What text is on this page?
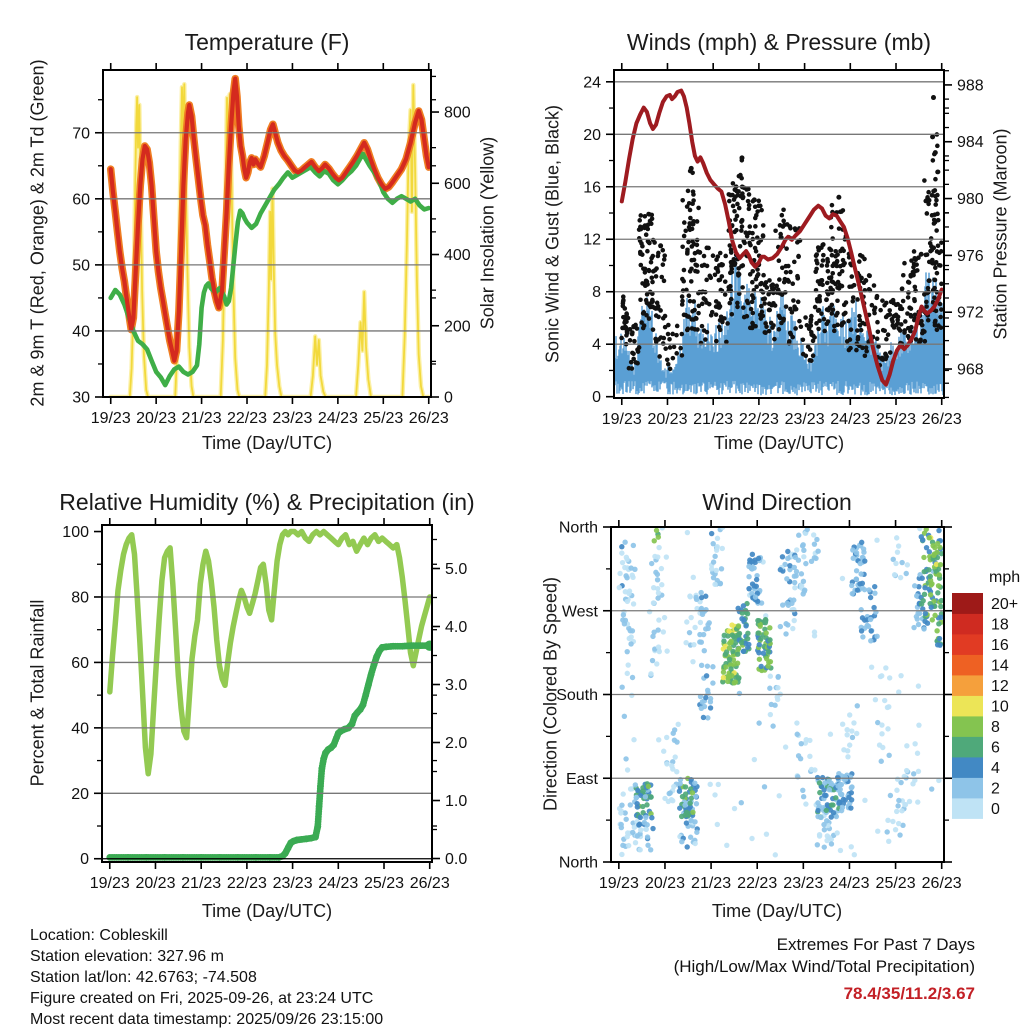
19/23 20/23 21/23 22/23 23/23 24/23 25/23 26/23
30
40
50
60
70
0
200
400
600
800
19/23 20/23 21/23 22/23 23/23 24/23 25/23 26/23
0
4
8
12
16
20
24
968
972
976
980
984
988
19/23 20/23 21/23 22/23 23/23 24/23 25/23 26/23
0
20
40
60
80
100
0.0
1.0
2.0
3.0
4.0
5.0
19/23 20/23 21/23 22/23 23/23 24/23 25/23 26/23
North
East
South
West
North
0
2
4
6
8
10
12
14
16
18
20+
Temperature (F)	Winds (mph) & Pressure (mb)
Relative Humidity (%) & Precipitation (in)	Wind Direction
2m & 9m T (Red, Orange) & 2m Td (Green)	Solar Insolation (Yellow)	Sonic Wind & Gust (Blue, Black)	Station Pressure (Maroon)
Percent & Total Rainfall	Direction (Colored By Speed)
Time (Day/UTC)	Time (Day/UTC)
Time (Day/UTC)	Time (Day/UTC)
mph
Location: Cobleskill
Station elevation: 327.96 m
Station lat/lon: 42.6763; -74.508
Figure created on Fri, 2025-09-26, at 23:24 UTC
Most recent data timestamp: 2025/09/26 23:15:00
Extremes For Past 7 Days
(High/Low/Max Wind/Total Precipitation)
78.4/35/11.2/3.67
